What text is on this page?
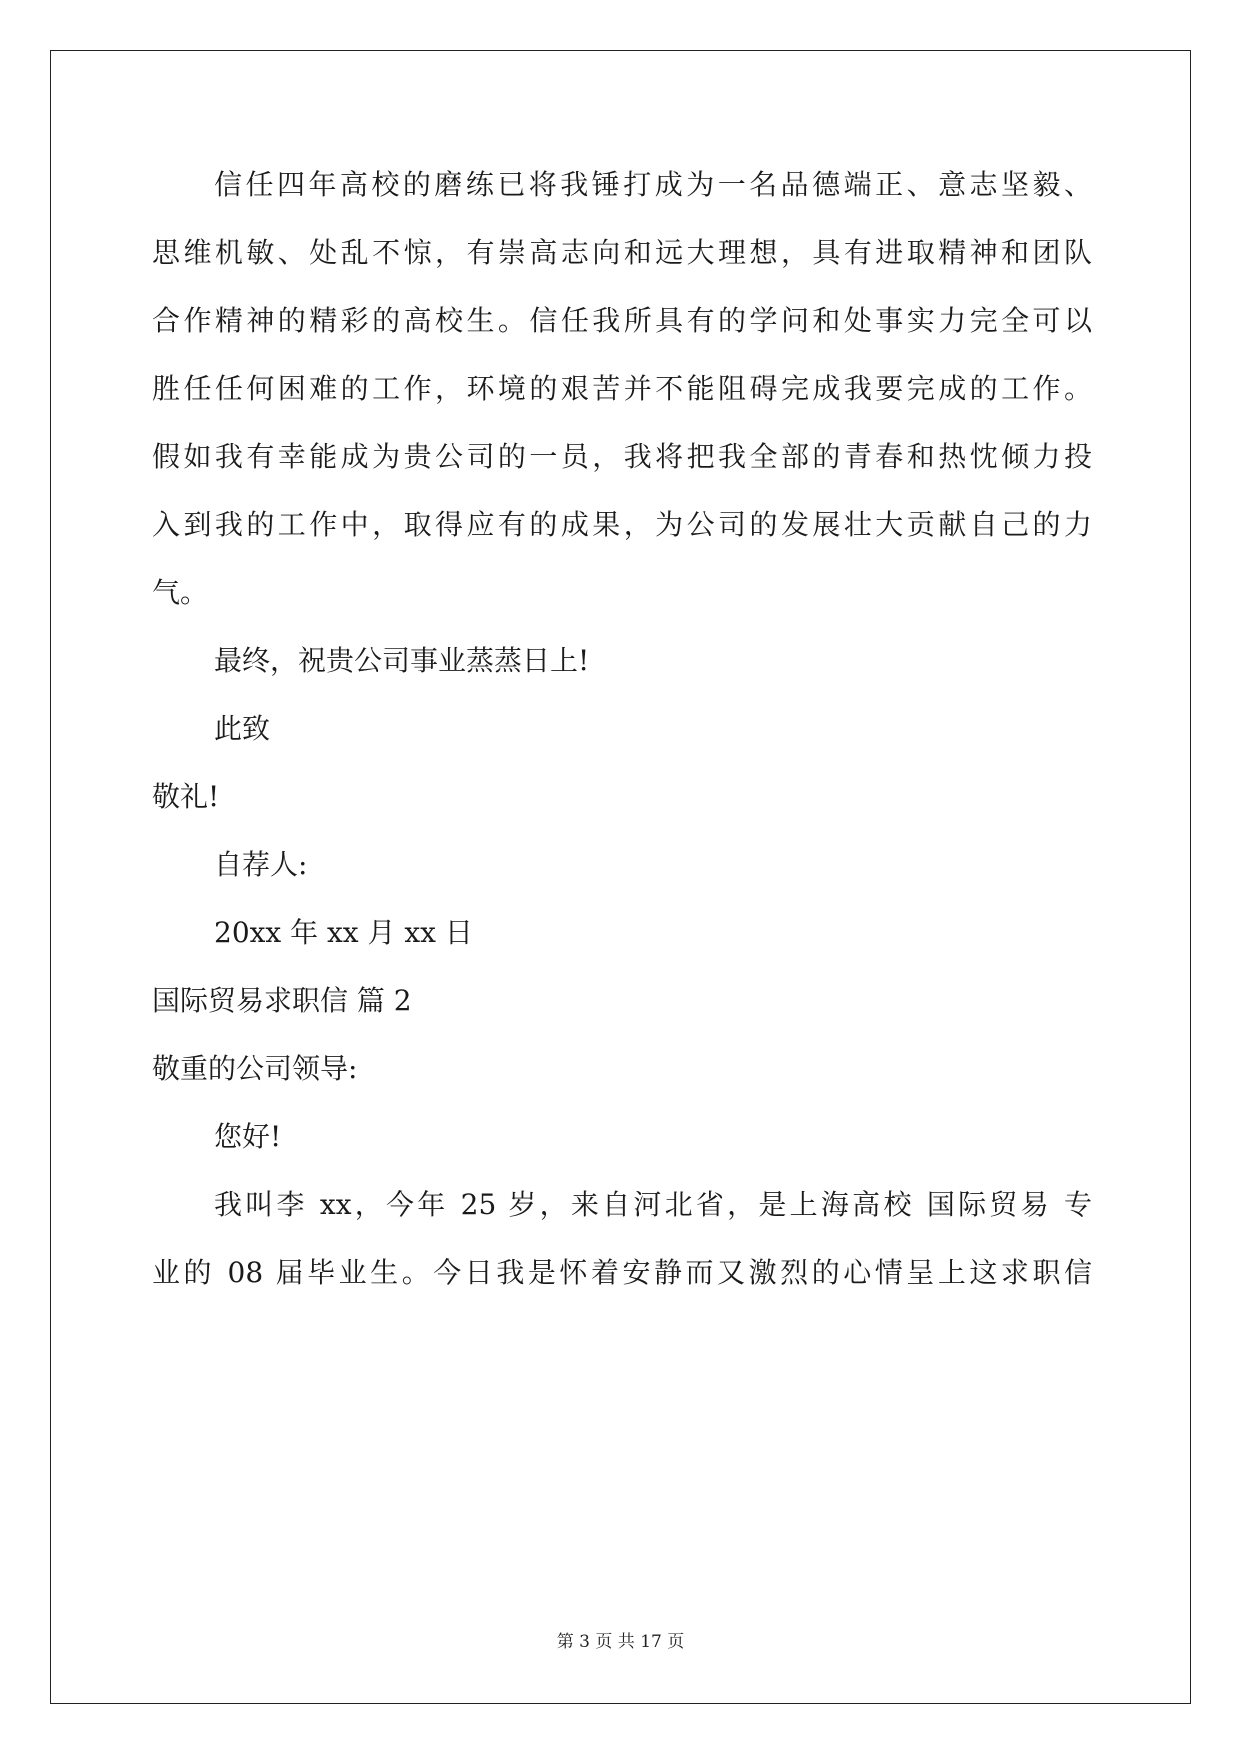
信任四年高校的磨练已将我锤打成为一名品德端正、意志坚毅、
思维机敏、处乱不惊，有崇高志向和远大理想，具有进取精神和团队
合作精神的精彩的高校生。信任我所具有的学问和处事实力完全可以
胜任任何困难的工作，环境的艰苦并不能阻碍完成我要完成的工作。
假如我有幸能成为贵公司的一员，我将把我全部的青春和热忱倾力投
入到我的工作中，取得应有的成果，为公司的发展壮大贡献自己的力
气。
最终，祝贵公司事业蒸蒸日上!
此致
敬礼!
自荐人:
20xx 年 xx 月 xx 日
国际贸易求职信 篇 2
敬重的公司领导:
您好!
我叫李 xx，今年 25 岁，来自河北省，是上海高校 国际贸易 专
业的 08 届毕业生。今日我是怀着安静而又激烈的心情呈上这求职信
第 3 页 共 17 页
